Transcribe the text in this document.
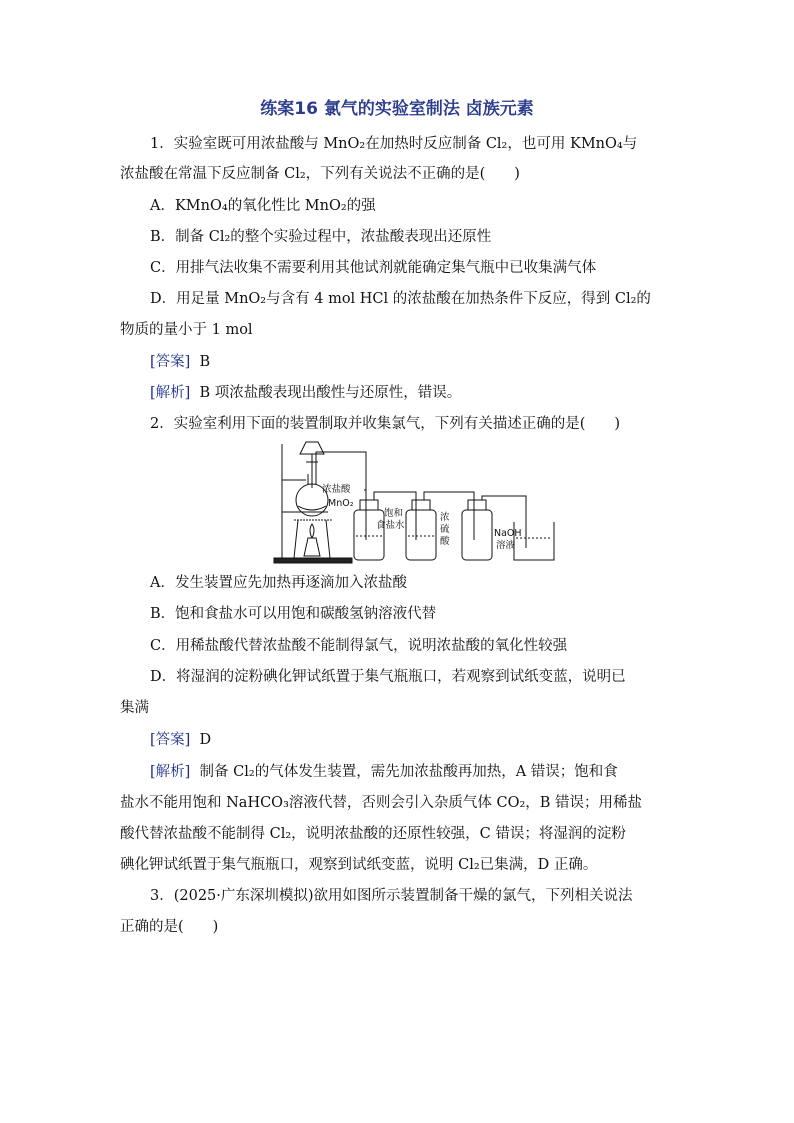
练案16 氯气的实验室制法 卤族元素
1．实验室既可用浓盐酸与 MnO₂在加热时反应制备 Cl₂，也可用 KMnO₄与
浓盐酸在常温下反应制备 Cl₂，下列有关说法不正确的是(　　)
A．KMnO₄的氧化性比 MnO₂的强
B．制备 Cl₂的整个实验过程中，浓盐酸表现出还原性
C．用排气法收集不需要利用其他试剂就能确定集气瓶中已收集满气体
D．用足量 MnO₂与含有 4 mol HCl 的浓盐酸在加热条件下反应，得到 Cl₂的
物质的量小于 1 mol
[答案] B
[解析] B 项浓盐酸表现出酸性与还原性，错误。
2．实验室利用下面的装置制取并收集氯气，下列有关描述正确的是(　　)
浓盐酸
MnO₂
饱和
食盐水
浓
硫
酸
NaOH
溶液
A．发生装置应先加热再逐滴加入浓盐酸
B．饱和食盐水可以用饱和碳酸氢钠溶液代替
C．用稀盐酸代替浓盐酸不能制得氯气，说明浓盐酸的氧化性较强
D．将湿润的淀粉碘化钾试纸置于集气瓶瓶口，若观察到试纸变蓝，说明已
集满
[答案] D
[解析] 制备 Cl₂的气体发生装置，需先加浓盐酸再加热，A 错误；饱和食
盐水不能用饱和 NaHCO₃溶液代替，否则会引入杂质气体 CO₂，B 错误；用稀盐
酸代替浓盐酸不能制得 Cl₂，说明浓盐酸的还原性较强，C 错误；将湿润的淀粉
碘化钾试纸置于集气瓶瓶口，观察到试纸变蓝，说明 Cl₂已集满，D 正确。
3．(2025·广东深圳模拟)欲用如图所示装置制备干燥的氯气，下列相关说法
正确的是(　　)
